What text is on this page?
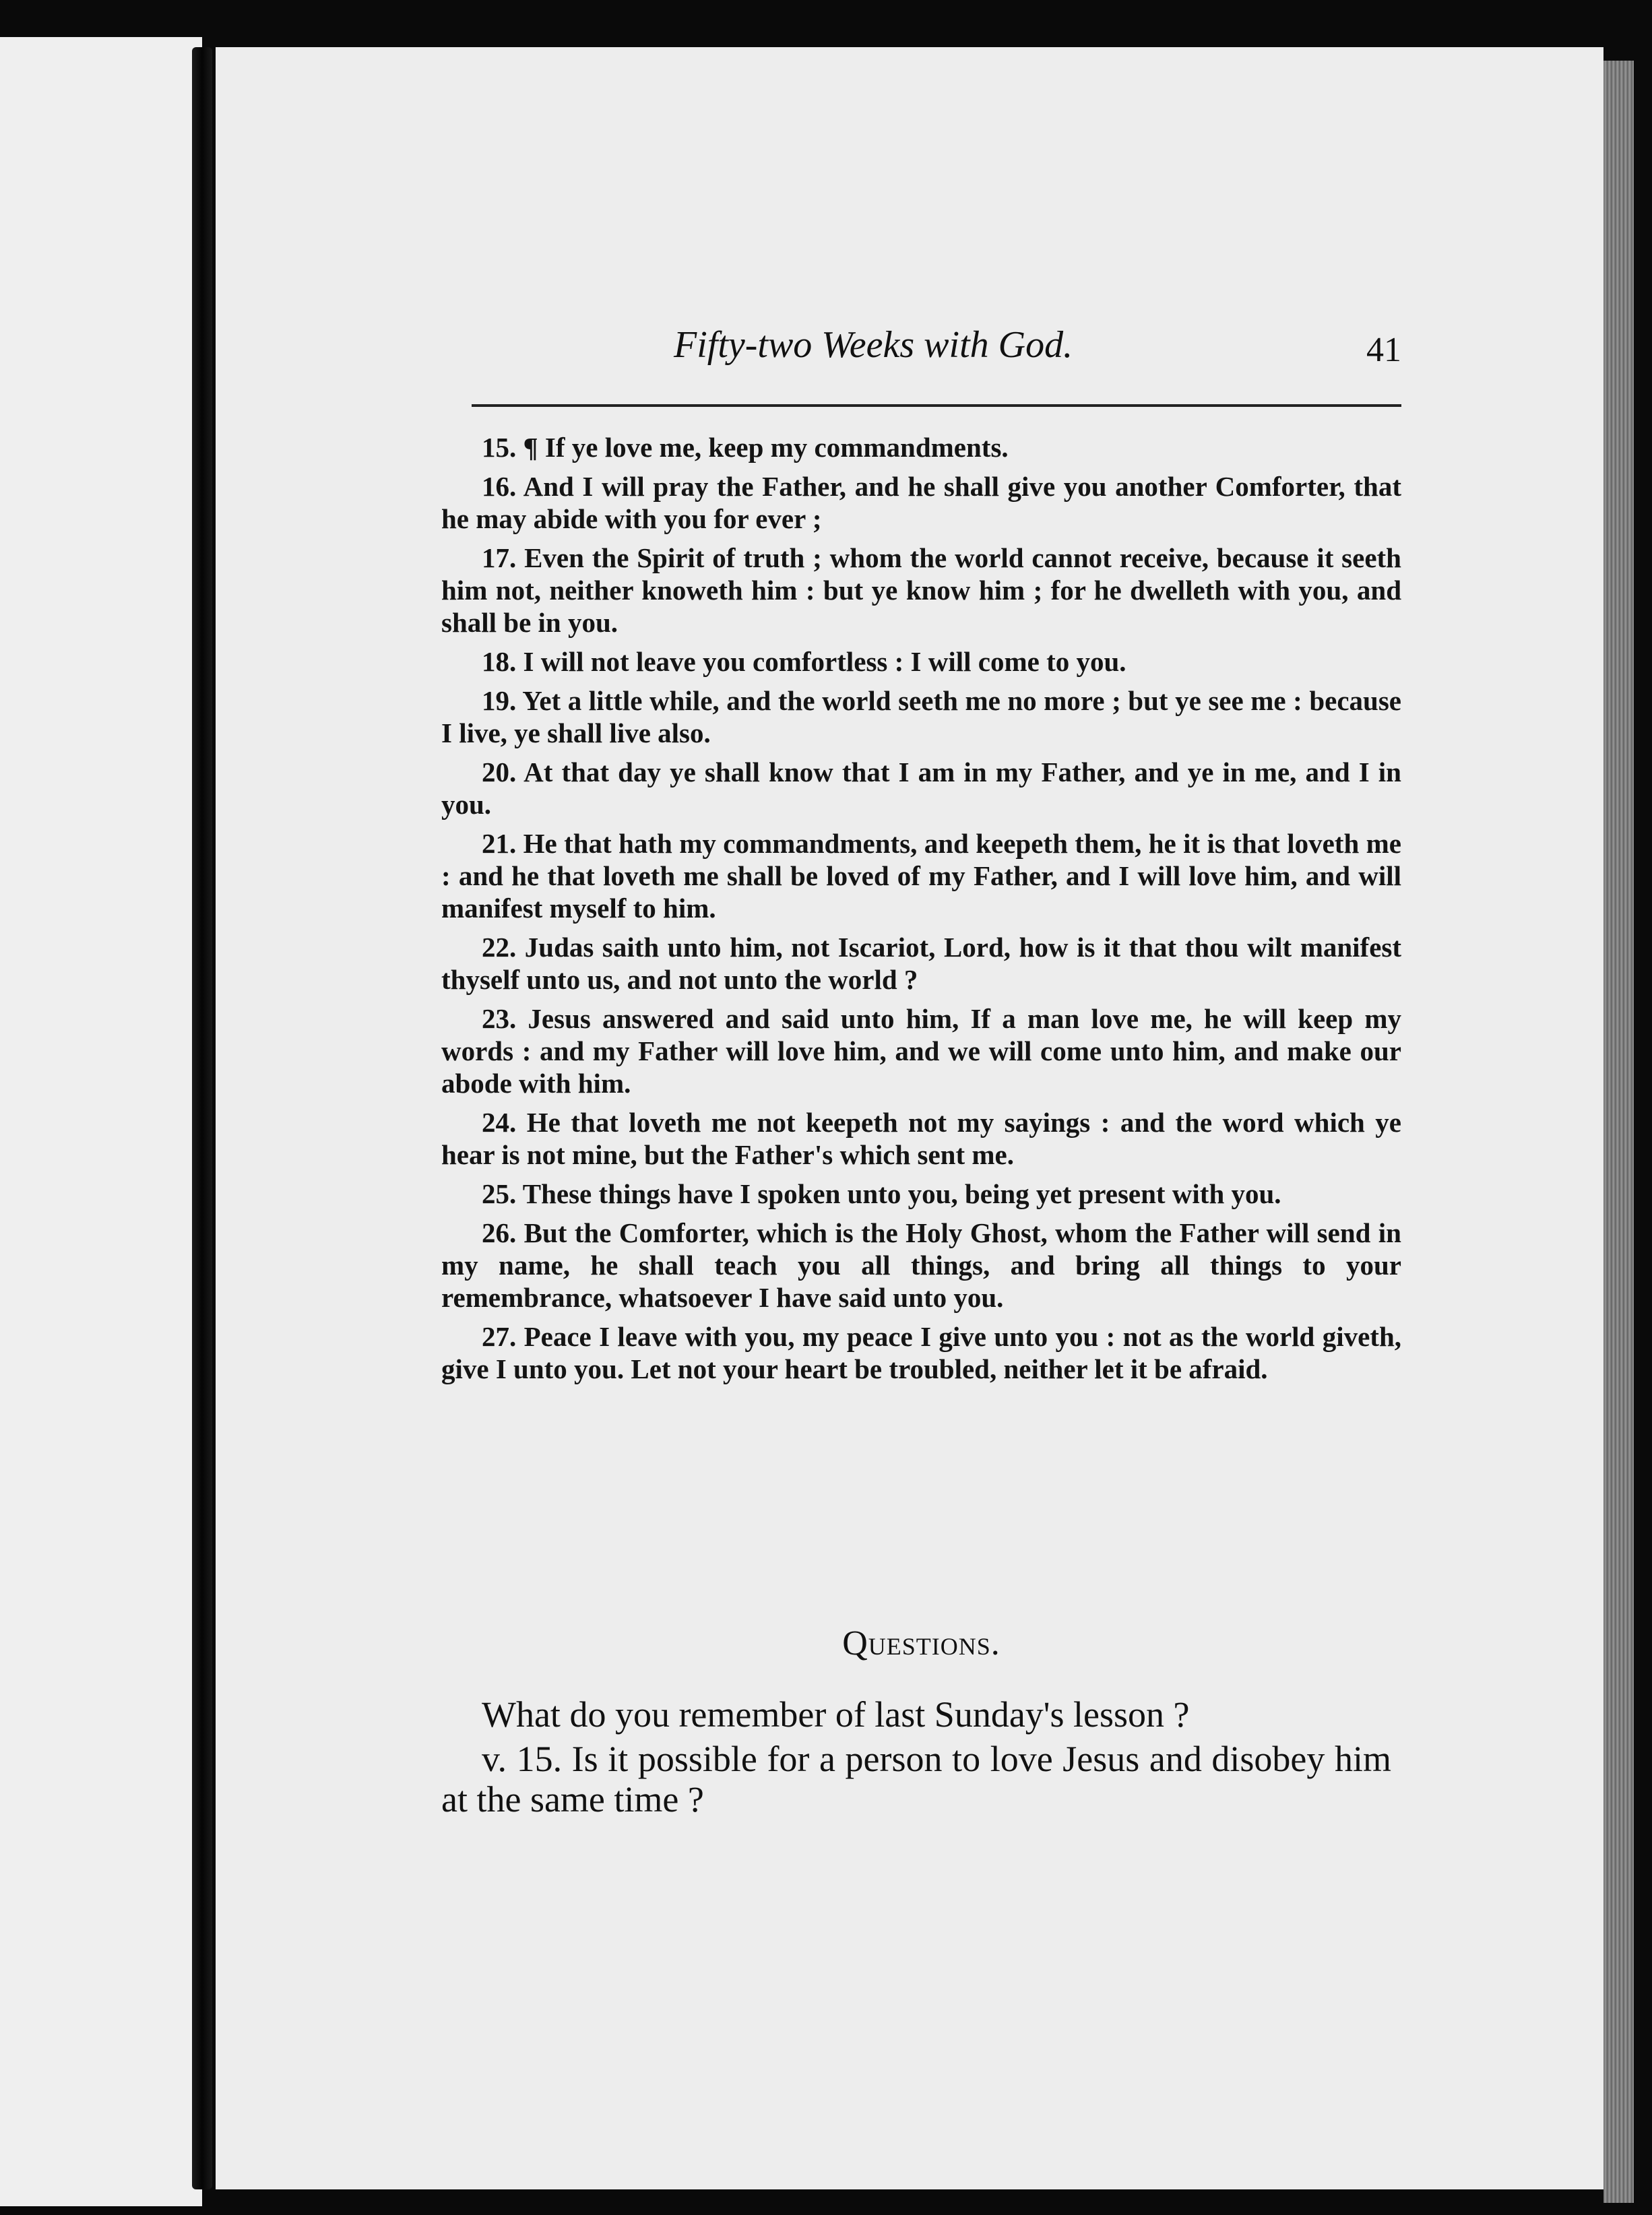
Fifty-two Weeks with God.	41

15. ¶ If ye love me, keep my commandments.

16. And I will pray the Father, and he shall give you another Comforter, that he may abide with you for ever ;

17. Even the Spirit of truth ; whom the world cannot receive, because it seeth him not, neither knoweth him : but ye know him ; for he dwelleth with you, and shall be in you.

18. I will not leave you comfortless : I will come to you.

19. Yet a little while, and the world seeth me no more ; but ye see me : because I live, ye shall live also.

20. At that day ye shall know that I am in my Father, and ye in me, and I in you.

21. He that hath my commandments, and keepeth them, he it is that loveth me : and he that loveth me shall be loved of my Father, and I will love him, and will manifest myself to him.

22. Judas saith unto him, not Iscariot, Lord, how is it that thou wilt manifest thyself unto us, and not unto the world ?

23. Jesus answered and said unto him, If a man love me, he will keep my words : and my Father will love him, and we will come unto him, and make our abode with him.

24. He that loveth me not keepeth not my sayings : and the word which ye hear is not mine, but the Father's which sent me.

25. These things have I spoken unto you, being yet present with you.

26. But the Comforter, which is the Holy Ghost, whom the Father will send in my name, he shall teach you all things, and bring all things to your remembrance, whatsoever I have said unto you.

27. Peace I leave with you, my peace I give unto you : not as the world giveth, give I unto you. Let not your heart be troubled, neither let it be afraid.

Questions.

What do you remember of last Sunday's lesson ?

v. 15. Is it possible for a person to love Jesus and disobey him at the same time ?
